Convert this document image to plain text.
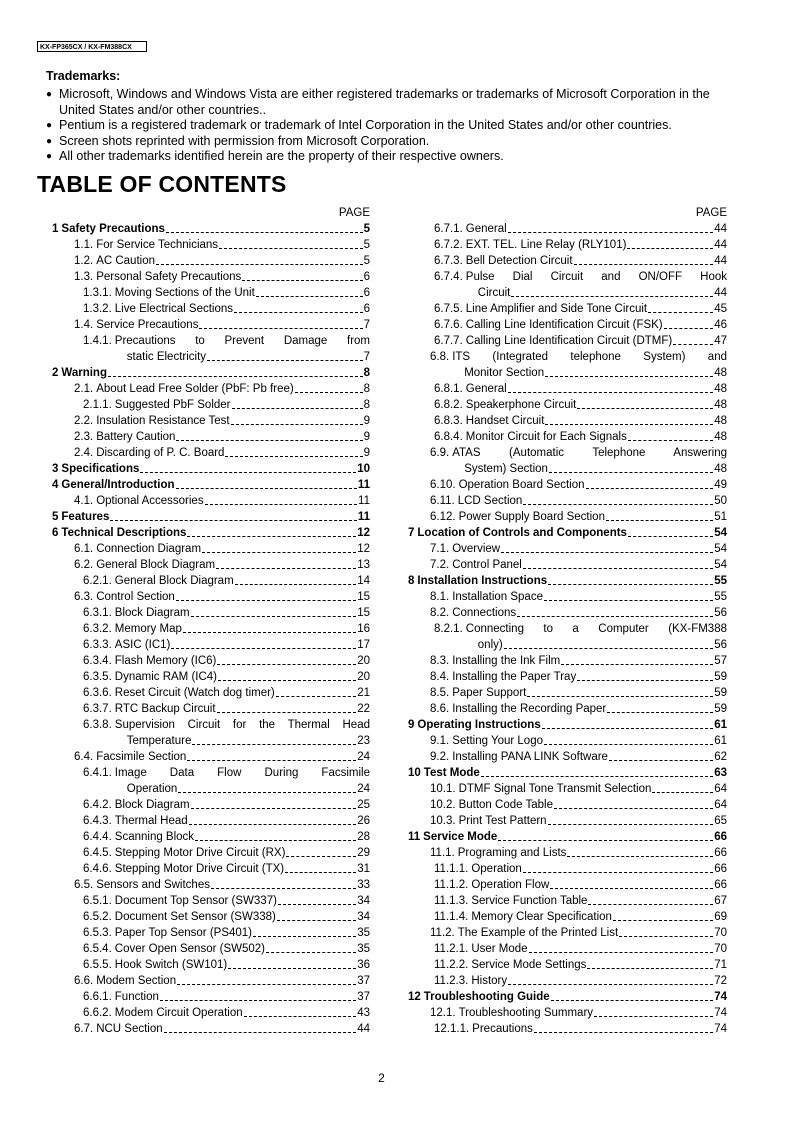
KX-FP365CX / KX-FM388CX
Trademarks:
● Microsoft, Windows and Windows Vista are either registered trademarks or trademarks of Microsoft Corporation in the United States and/or other countries..
● Pentium is a registered trademark or trademark of Intel Corporation in the United States and/or other countries.
● Screen shots reprinted with permission from Microsoft Corporation.
● All other trademarks identified herein are the property of their respective owners.
TABLE OF CONTENTS
PAGE
1 Safety Precautions	5
1.1. For Service Technicians	5
1.2. AC Caution	5
1.3. Personal Safety Precautions	6
1.3.1. Moving Sections of the Unit	6
1.3.2. Live Electrical Sections	6
1.4. Service Precautions	7
1.4.1. Precautions to Prevent Damage from
static Electricity	7
2 Warning	8
2.1. About Lead Free Solder (PbF: Pb free)	8
2.1.1. Suggested PbF Solder	8
2.2. Insulation Resistance Test	9
2.3. Battery Caution	9
2.4. Discarding of P. C. Board	9
3 Specifications	10
4 General/Introduction	11
4.1. Optional Accessories	11
5 Features	11
6 Technical Descriptions	12
6.1. Connection Diagram	12
6.2. General Block Diagram	13
6.2.1. General Block Diagram	14
6.3. Control Section	15
6.3.1. Block Diagram	15
6.3.2. Memory Map	16
6.3.3. ASIC (IC1)	17
6.3.4. Flash Memory (IC6)	20
6.3.5. Dynamic RAM (IC4)	20
6.3.6. Reset Circuit (Watch dog timer)	21
6.3.7. RTC Backup Circuit	22
6.3.8. Supervision Circuit for the Thermal Head
Temperature	23
6.4. Facsimile Section	24
6.4.1. Image Data Flow During Facsimile
Operation	24
6.4.2. Block Diagram	25
6.4.3. Thermal Head	26
6.4.4. Scanning Block	28
6.4.5. Stepping Motor Drive Circuit (RX)	29
6.4.6. Stepping Motor Drive Circuit (TX)	31
6.5. Sensors and Switches	33
6.5.1. Document Top Sensor (SW337)	34
6.5.2. Document Set Sensor (SW338)	34
6.5.3. Paper Top Sensor (PS401)	35
6.5.4. Cover Open Sensor (SW502)	35
6.5.5. Hook Switch (SW101)	36
6.6. Modem Section	37
6.6.1. Function	37
6.6.2. Modem Circuit Operation	43
6.7. NCU Section	44
PAGE
6.7.1. General	44
6.7.2. EXT. TEL. Line Relay (RLY101)	44
6.7.3. Bell Detection Circuit	44
6.7.4. Pulse Dial Circuit and ON/OFF Hook
Circuit	44
6.7.5. Line Amplifier and Side Tone Circuit	45
6.7.6. Calling Line Identification Circuit (FSK)	46
6.7.7. Calling Line Identification Circuit (DTMF)	47
6.8. ITS (Integrated telephone System) and
Monitor Section	48
6.8.1. General	48
6.8.2. Speakerphone Circuit	48
6.8.3. Handset Circuit	48
6.8.4. Monitor Circuit for Each Signals	48
6.9. ATAS (Automatic Telephone Answering
System) Section	48
6.10. Operation Board Section	49
6.11. LCD Section	50
6.12. Power Supply Board Section	51
7 Location of Controls and Components	54
7.1. Overview	54
7.2. Control Panel	54
8 Installation Instructions	55
8.1. Installation Space	55
8.2. Connections	56
8.2.1. Connecting to a Computer (KX-FM388
only)	56
8.3. Installing the Ink Film	57
8.4. Installing the Paper Tray	59
8.5. Paper Support	59
8.6. Installing the Recording Paper	59
9 Operating Instructions	61
9.1. Setting Your Logo	61
9.2. Installing PANA LINK Software	62
10 Test Mode	63
10.1. DTMF Signal Tone Transmit Selection	64
10.2. Button Code Table	64
10.3. Print Test Pattern	65
11 Service Mode	66
11.1. Programing and Lists	66
11.1.1. Operation	66
11.1.2. Operation Flow	66
11.1.3. Service Function Table	67
11.1.4. Memory Clear Specification	69
11.2. The Example of the Printed List	70
11.2.1. User Mode	70
11.2.2. Service Mode Settings	71
11.2.3. History	72
12 Troubleshooting Guide	74
12.1. Troubleshooting Summary	74
12.1.1. Precautions	74
2
